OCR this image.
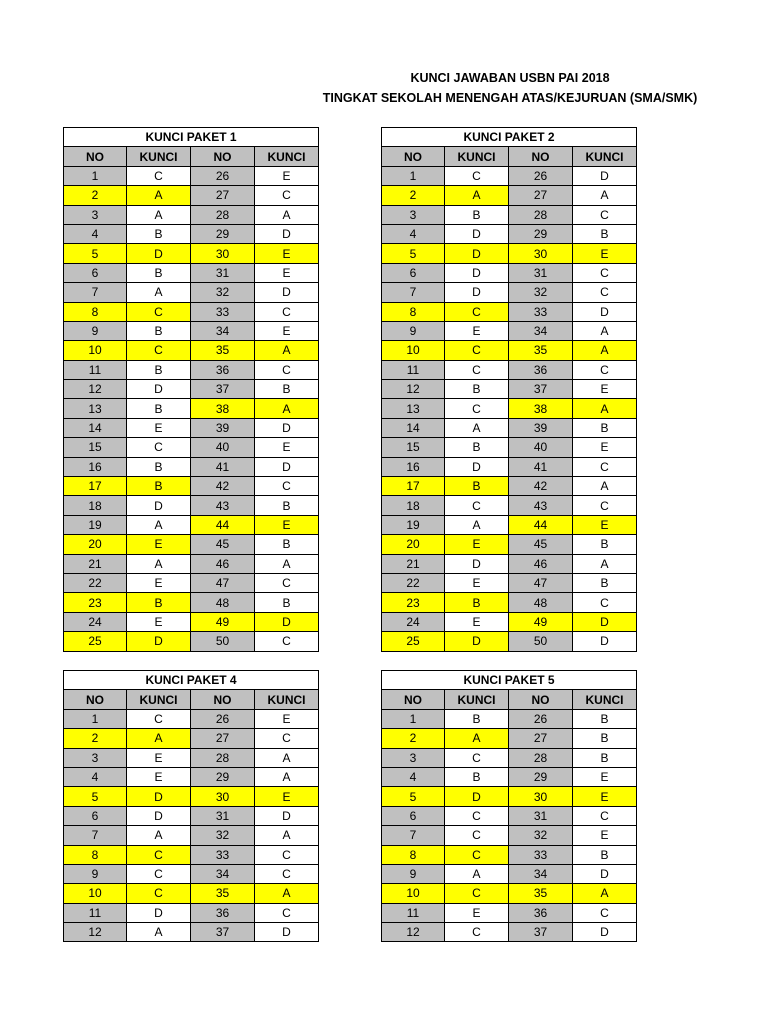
KUNCI JAWABAN USBN PAI 2018
TINGKAT SEKOLAH MENENGAH ATAS/KEJURUAN (SMA/SMK)
KUNCI PAKET 1			
NO	KUNCI	NO	KUNCI
1	C	26	E
2	A	27	C
3	A	28	A
4	B	29	D
5	D	30	E
6	B	31	E
7	A	32	D
8	C	33	C
9	B	34	E
10	C	35	A
11	B	36	C
12	D	37	B
13	B	38	A
14	E	39	D
15	C	40	E
16	B	41	D
17	B	42	C
18	D	43	B
19	A	44	E
20	E	45	B
21	A	46	A
22	E	47	C
23	B	48	B
24	E	49	D
25	D	50	C
KUNCI PAKET 2			
NO	KUNCI	NO	KUNCI
1	C	26	D
2	A	27	A
3	B	28	C
4	D	29	B
5	D	30	E
6	D	31	C
7	D	32	C
8	C	33	D
9	E	34	A
10	C	35	A
11	C	36	C
12	B	37	E
13	C	38	A
14	A	39	B
15	B	40	E
16	D	41	C
17	B	42	A
18	C	43	C
19	A	44	E
20	E	45	B
21	D	46	A
22	E	47	B
23	B	48	C
24	E	49	D
25	D	50	D
KUNCI PAKET 4			
NO	KUNCI	NO	KUNCI
1	C	26	E
2	A	27	C
3	E	28	A
4	E	29	A
5	D	30	E
6	D	31	D
7	A	32	A
8	C	33	C
9	C	34	C
10	C	35	A
11	D	36	C
12	A	37	D
KUNCI PAKET 5			
NO	KUNCI	NO	KUNCI
1	B	26	B
2	A	27	B
3	C	28	B
4	B	29	E
5	D	30	E
6	C	31	C
7	C	32	E
8	C	33	B
9	A	34	D
10	C	35	A
11	E	36	C
12	C	37	D
